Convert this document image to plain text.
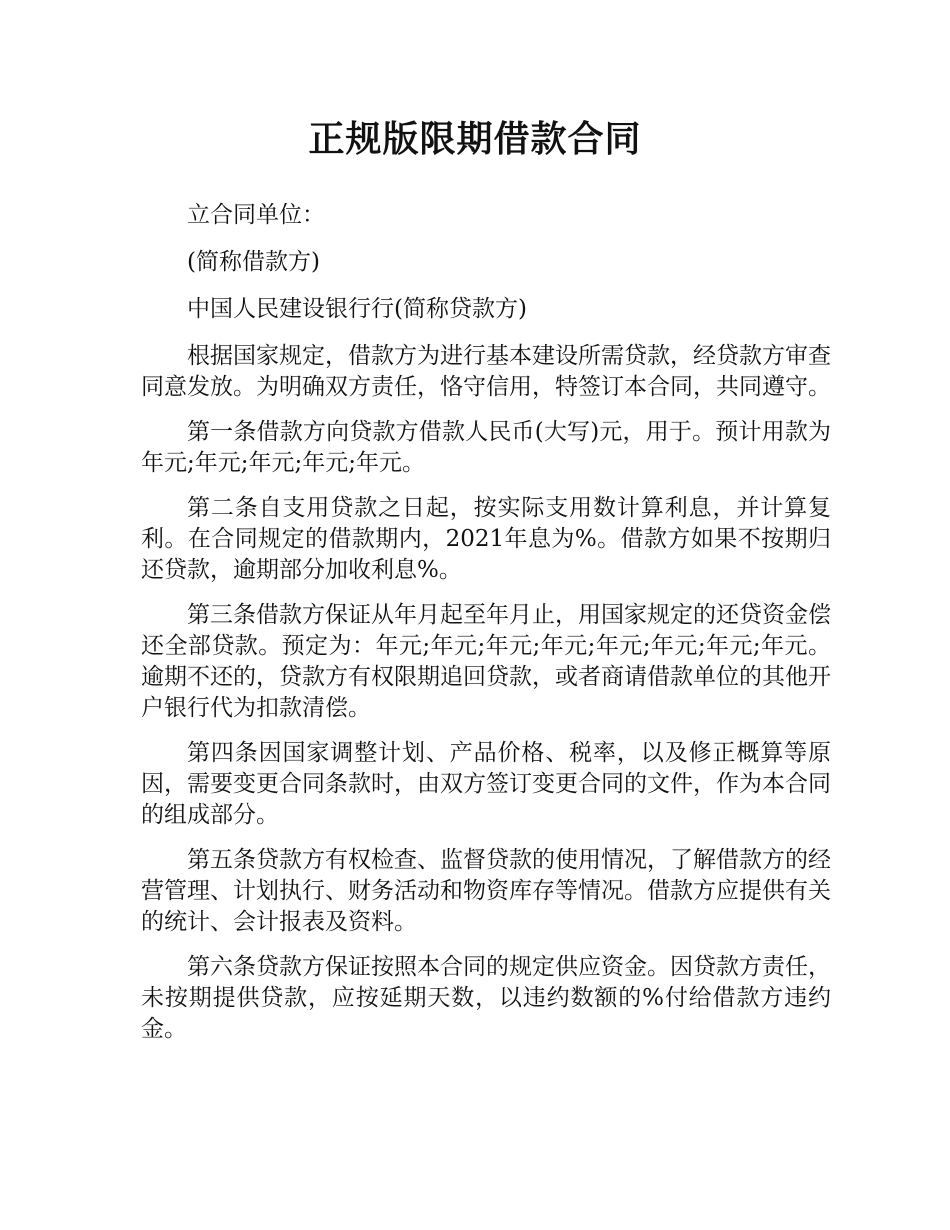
正规版限期借款合同

立合同单位：

(简称借款方)

中国人民建设银行行(简称贷款方)

根据国家规定，借款方为进行基本建设所需贷款，经贷款方审查同意发放。为明确双方责任，恪守信用，特签订本合同，共同遵守。

第一条借款方向贷款方借款人民币(大写)元，用于。预计用款为年元;年元;年元;年元;年元。

第二条自支用贷款之日起，按实际支用数计算利息，并计算复利。在合同规定的借款期内，2021年息为%。借款方如果不按期归还贷款，逾期部分加收利息%。

第三条借款方保证从年月起至年月止，用国家规定的还贷资金偿还全部贷款。预定为：年元;年元;年元;年元;年元;年元;年元;年元。逾期不还的，贷款方有权限期追回贷款，或者商请借款单位的其他开户银行代为扣款清偿。

第四条因国家调整计划、产品价格、税率，以及修正概算等原因，需要变更合同条款时，由双方签订变更合同的文件，作为本合同的组成部分。

第五条贷款方有权检查、监督贷款的使用情况，了解借款方的经营管理、计划执行、财务活动和物资库存等情况。借款方应提供有关的统计、会计报表及资料。

第六条贷款方保证按照本合同的规定供应资金。因贷款方责任，未按期提供贷款，应按延期天数，以违约数额的%付给借款方违约金。
